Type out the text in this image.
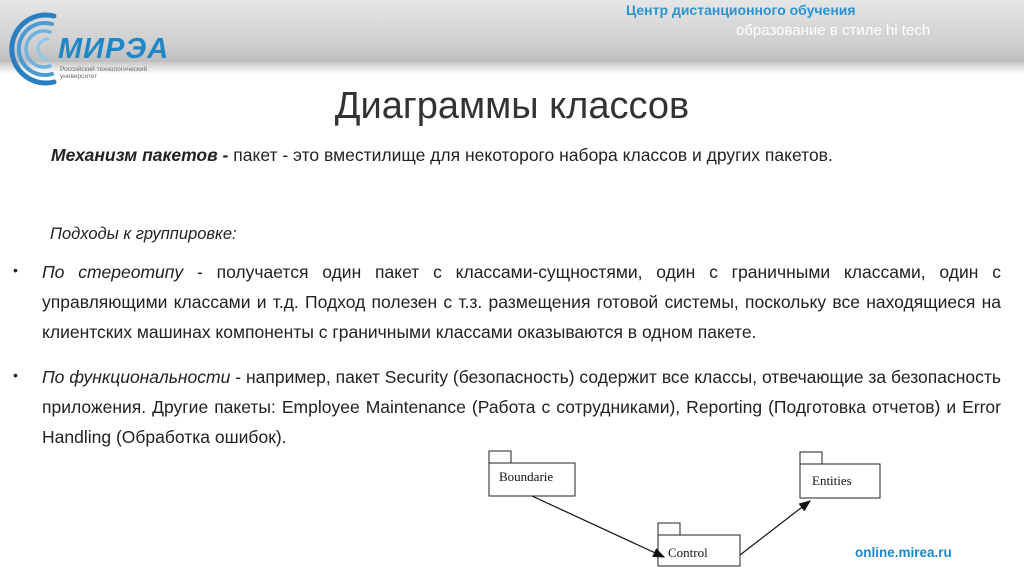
МИРЭА
Российский технологический университет
Центр дистанционного обучения
образование в стиле hi tech
Диаграммы классов
Механизм пакетов - пакет - это вместилище для некоторого набора классов и других пакетов.
Подходы к группировке:
• По стереотипу - получается один пакет с классами-сущностями, один с граничными классами, один с управляющими классами и т.д. Подход полезен с т.з. размещения готовой системы, поскольку все находящиеся на клиентских машинах компоненты с граничными классами оказываются в одном пакете.
• По функциональности - например, пакет Security (безопасность) содержит все классы, отвечающие за безопасность приложения. Другие пакеты: Employee Maintenance (Работа с сотрудниками), Reporting (Подготовка отчетов) и Error Handling (Обработка ошибок).
Boundarie
Control
Entities
online.mirea.ru
